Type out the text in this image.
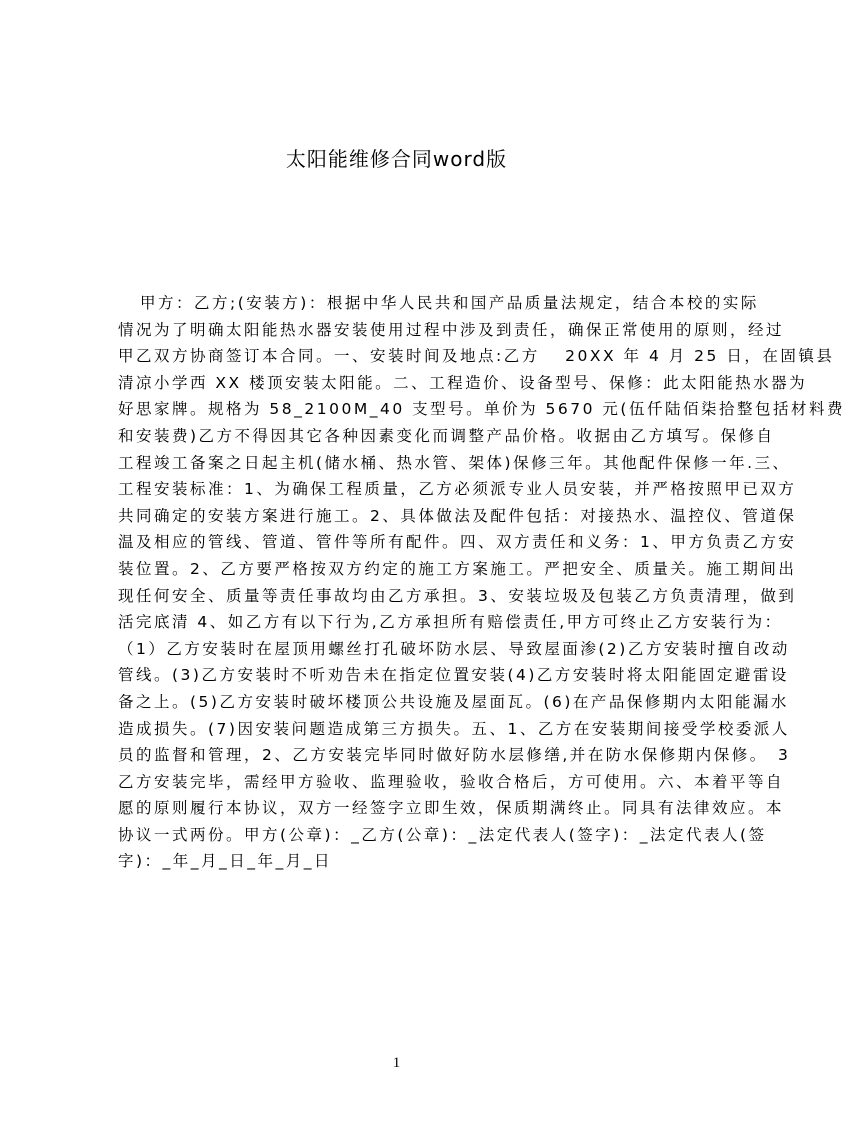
太阳能维修合同word版
甲方：乙方;(安装方)：根据中华人民共和国产品质量法规定，结合本校的实际
情况为了明确太阳能热水器安装使用过程中涉及到责任，确保正常使用的原则，经过
甲乙双方协商签订本合同。一、安装时间及地点:乙方　 20XX 年 4 月 25 日，在固镇县
清凉小学西 XX 楼顶安装太阳能。二、工程造价、设备型号、保修：此太阳能热水器为
好思家牌。规格为 58_2100M_40 支型号。单价为 5670 元(伍仟陆佰柒拾整包括材料费
和安装费)乙方不得因其它各种因素变化而调整产品价格。收据由乙方填写。保修自
工程竣工备案之日起主机(储水桶、热水管、架体)保修三年。其他配件保修一年.三、
工程安装标准：1、为确保工程质量，乙方必须派专业人员安装，并严格按照甲已双方
共同确定的安装方案进行施工。2、具体做法及配件包括：对接热水、温控仪、管道保
温及相应的管线、管道、管件等所有配件。四、双方责任和义务：1、甲方负责乙方安
装位置。2、乙方要严格按双方约定的施工方案施工。严把安全、质量关。施工期间出
现任何安全、质量等责任事故均由乙方承担。3、安装垃圾及包装乙方负责清理，做到
活完底清 4、如乙方有以下行为,乙方承担所有赔偿责任,甲方可终止乙方安装行为：
（1）乙方安装时在屋顶用螺丝打孔破坏防水层、导致屋面渗(2)乙方安装时擅自改动
管线。(3)乙方安装时不听劝告未在指定位置安装(4)乙方安装时将太阳能固定避雷设
备之上。(5)乙方安装时破坏楼顶公共设施及屋面瓦。(6)在产品保修期内太阳能漏水
造成损失。(7)因安装问题造成第三方损失。五、1、乙方在安装期间接受学校委派人
员的监督和管理，2、乙方安装完毕同时做好防水层修缮,并在防水保修期内保修。　3
乙方安装完毕，需经甲方验收、监理验收，验收合格后，方可使用。六、本着平等自
愿的原则履行本协议，双方一经签字立即生效，保质期满终止。同具有法律效应。本
协议一式两份。甲方(公章)：_乙方(公章)：_法定代表人(签字)：_法定代表人(签
字)：_年_月_日_年_月_日
1
